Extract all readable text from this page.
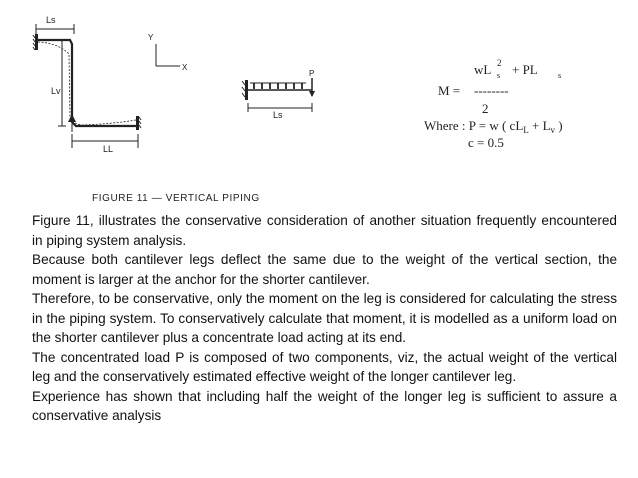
Ls
Lv
LL
Y
X
P
Ls
wL 2
s + PL	s
M = --------
2
Where : P = w ( $cL_L + L_v$ )
c = 0.5
FIGURE 11 — VERTICAL PIPING

Figure 11, illustrates the conservative consideration of another situation frequently encountered in piping system analysis.

Because both cantilever legs deflect the same due to the weight of the vertical section, the moment is larger at the anchor for the shorter cantilever.

Therefore, to be conservative, only the moment on the leg is considered for calculating the stress in the piping system. To conservatively calculate that moment, it is modelled as a uniform load on the shorter cantilever plus a concentrate load acting at its end.

The concentrated load P is composed of two components, viz, the actual weight of the vertical leg and the conservatively estimated effective weight of the longer cantilever leg.

Experience has shown that including half the weight of the longer leg is sufficient to assure a conservative analysis
